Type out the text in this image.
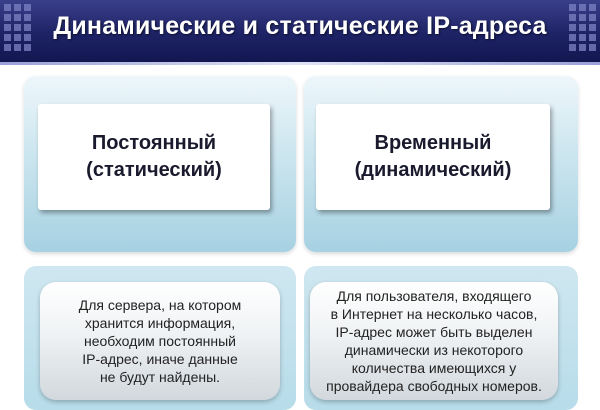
Динамические и статические IP-адреса
Постоянный
(статический)
Временный
(динамический)
Для сервера, на котором
хранится информация,
необходим постоянный
IP-адрес, иначе данные
не будут найдены.
Для пользователя, входящего
в Интернет на несколько часов,
IP-адрес может быть выделен
динамически из некоторого
количества имеющихся у
провайдера свободных номеров.
